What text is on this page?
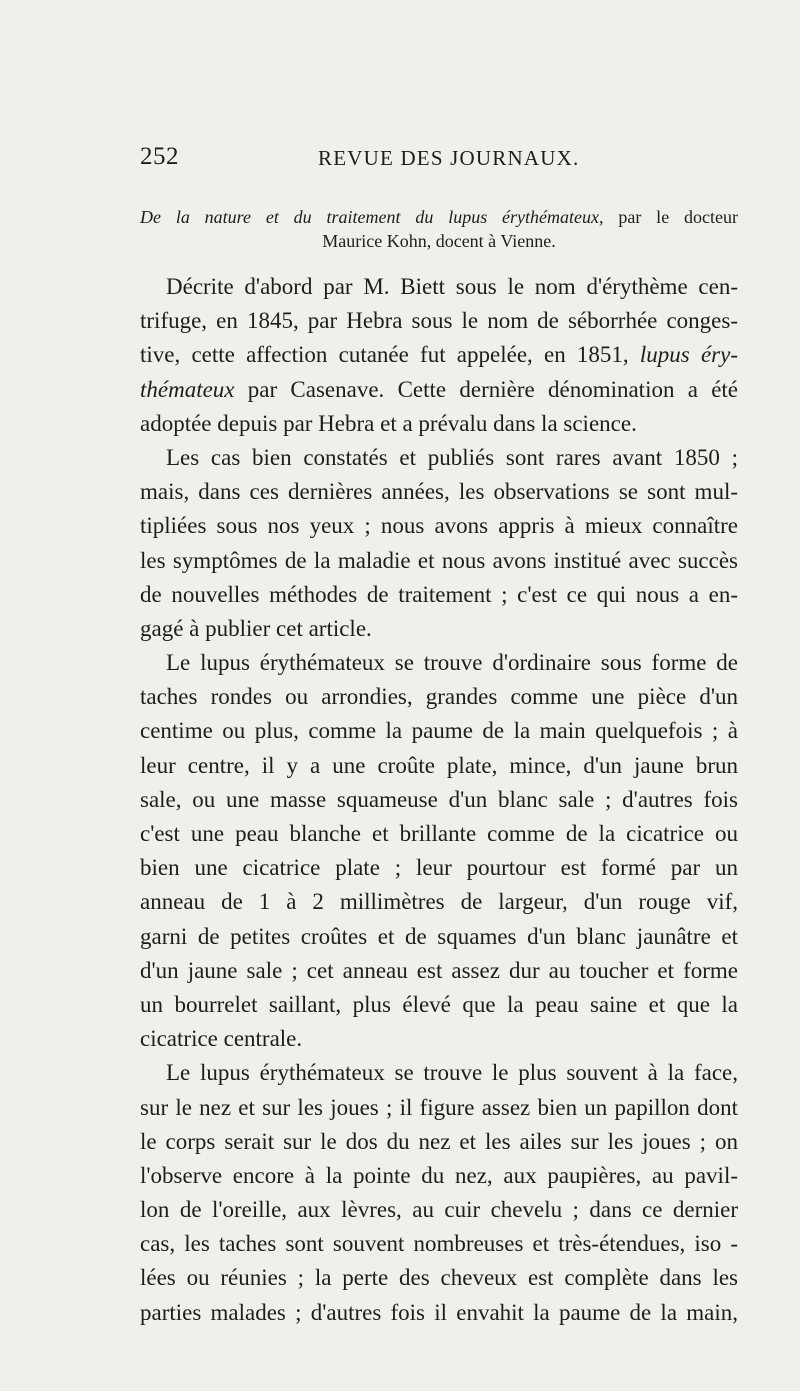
252	REVUE DES JOURNAUX.
De la nature et du traitement du lupus érythémateux, par le docteur
Maurice Kohn, docent à Vienne.
Décrite d'abord par M. Biett sous le nom d'érythème cen-
trifuge, en 1845, par Hebra sous le nom de séborrhée conges-
tive, cette affection cutanée fut appelée, en 1851, lupus éry-
thémateux par Casenave. Cette dernière dénomination a été
adoptée depuis par Hebra et a prévalu dans la science.
Les cas bien constatés et publiés sont rares avant 1850 ;
mais, dans ces dernières années, les observations se sont mul-
tipliées sous nos yeux ; nous avons appris à mieux connaître
les symptômes de la maladie et nous avons institué avec succès
de nouvelles méthodes de traitement ; c'est ce qui nous a en-
gagé à publier cet article.
Le lupus érythémateux se trouve d'ordinaire sous forme de
taches rondes ou arrondies, grandes comme une pièce d'un
centime ou plus, comme la paume de la main quelquefois ; à
leur centre, il y a une croûte plate, mince, d'un jaune brun
sale, ou une masse squameuse d'un blanc sale ; d'autres fois
c'est une peau blanche et brillante comme de la cicatrice ou
bien une cicatrice plate ; leur pourtour est formé par un
anneau de 1 à 2 millimètres de largeur, d'un rouge vif,
garni de petites croûtes et de squames d'un blanc jaunâtre et
d'un jaune sale ; cet anneau est assez dur au toucher et forme
un bourrelet saillant, plus élevé que la peau saine et que la
cicatrice centrale.
Le lupus érythémateux se trouve le plus souvent à la face,
sur le nez et sur les joues ; il figure assez bien un papillon dont
le corps serait sur le dos du nez et les ailes sur les joues ; on
l'observe encore à la pointe du nez, aux paupières, au pavil-
lon de l'oreille, aux lèvres, au cuir chevelu ; dans ce dernier
cas, les taches sont souvent nombreuses et très-étendues, iso -
lées ou réunies ; la perte des cheveux est complète dans les
parties malades ; d'autres fois il envahit la paume de la main,
